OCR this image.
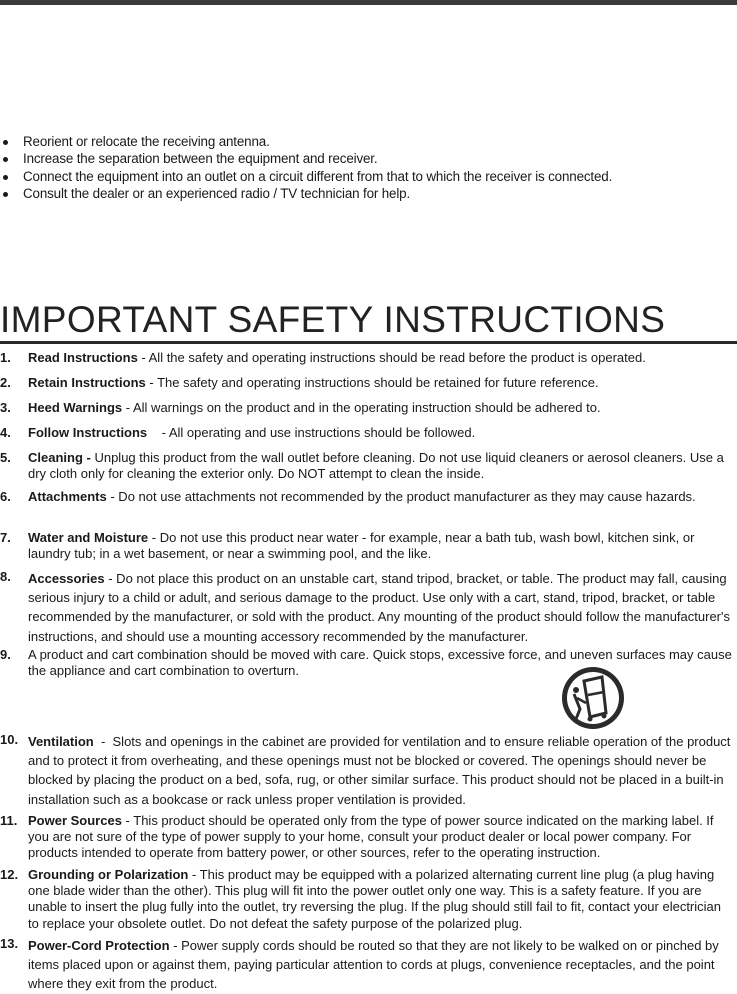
Reorient or relocate the receiving antenna.
Increase the separation between the equipment and receiver.
Connect the equipment into an outlet on a circuit different from that to which the receiver is connected.
Consult the dealer or an experienced radio / TV technician for help.
IMPORTANT SAFETY INSTRUCTIONS
1. Read Instructions - All the safety and operating instructions should be read before the product is operated.
2. Retain Instructions - The safety and operating instructions should be retained for future reference.
3. Heed Warnings - All warnings on the product and in the operating instruction should be adhered to.
4. Follow Instructions    - All operating and use instructions should be followed.
5. Cleaning - Unplug this product from the wall outlet before cleaning. Do not use liquid cleaners or aerosol cleaners. Use a dry cloth only for cleaning the exterior only. Do NOT attempt to clean the inside.
6. Attachments - Do not use attachments not recommended by the product manufacturer as they may cause hazards.
7. Water and Moisture - Do not use this product near water - for example, near a bath tub, wash bowl, kitchen sink, or laundry tub; in a wet basement, or near a swimming pool, and the like.
8. Accessories - Do not place this product on an unstable cart, stand tripod, bracket, or table. The product may fall, causing serious injury to a child or adult, and serious damage to the product. Use only with a cart, stand, tripod, bracket, or table recommended by the manufacturer, or sold with the product. Any mounting of the product should follow the manufacturer's instructions, and should use a mounting accessory recommended by the manufacturer.
9. A product and cart combination should be moved with care. Quick stops, excessive force, and uneven surfaces may cause the appliance and cart combination to overturn.
10. Ventilation  -  Slots and openings in the cabinet are provided for ventilation and to ensure reliable operation of the product and to protect it from overheating, and these openings must not be blocked or covered. The openings should never be blocked by placing the product on a bed, sofa, rug, or other similar surface. This product should not be placed in a built-in installation such as a bookcase or rack unless proper ventilation is provided.
11. Power Sources - This product should be operated only from the type of power source indicated on the marking label. If you are not sure of the type of power supply to your home, consult your product dealer or local power company. For products intended to operate from battery power, or other sources, refer to the operating instruction.
12. Grounding or Polarization - This product may be equipped with a polarized alternating current line plug (a plug having one blade wider than the other). This plug will fit into the power outlet only one way. This is a safety feature. If you are unable to insert the plug fully into the outlet, try reversing the plug. If the plug should still fail to fit, contact your electrician to replace your obsolete outlet. Do not defeat the safety purpose of the polarized plug.
13. Power-Cord Protection - Power supply cords should be routed so that they are not likely to be walked on or pinched by items placed upon or against them, paying particular attention to cords at plugs, convenience receptacles, and the point where they exit from the product.
